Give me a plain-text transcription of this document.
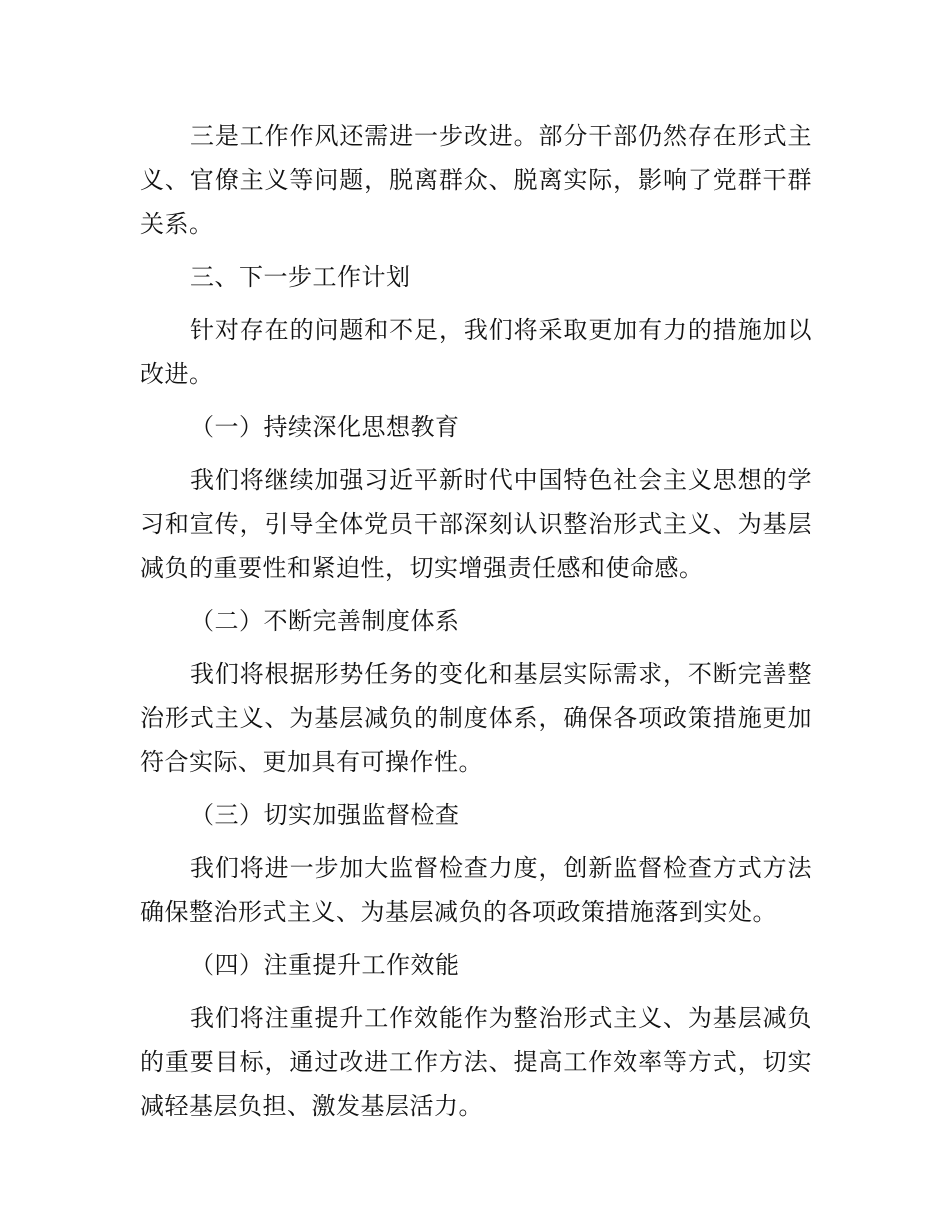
三是工作作风还需进一步改进。部分干部仍然存在形式主义、官僚主义等问题，脱离群众、脱离实际，影响了党群干群关系。

三、下一步工作计划

针对存在的问题和不足，我们将采取更加有力的措施加以改进。

（一）持续深化思想教育

我们将继续加强习近平新时代中国特色社会主义思想的学习和宣传，引导全体党员干部深刻认识整治形式主义、为基层减负的重要性和紧迫性，切实增强责任感和使命感。

（二）不断完善制度体系

我们将根据形势任务的变化和基层实际需求，不断完善整治形式主义、为基层减负的制度体系，确保各项政策措施更加符合实际、更加具有可操作性。

（三）切实加强监督检查

我们将进一步加大监督检查力度，创新监督检查方式方法确保整治形式主义、为基层减负的各项政策措施落到实处。

（四）注重提升工作效能

我们将注重提升工作效能作为整治形式主义、为基层减负的重要目标，通过改进工作方法、提高工作效率等方式，切实减轻基层负担、激发基层活力。
